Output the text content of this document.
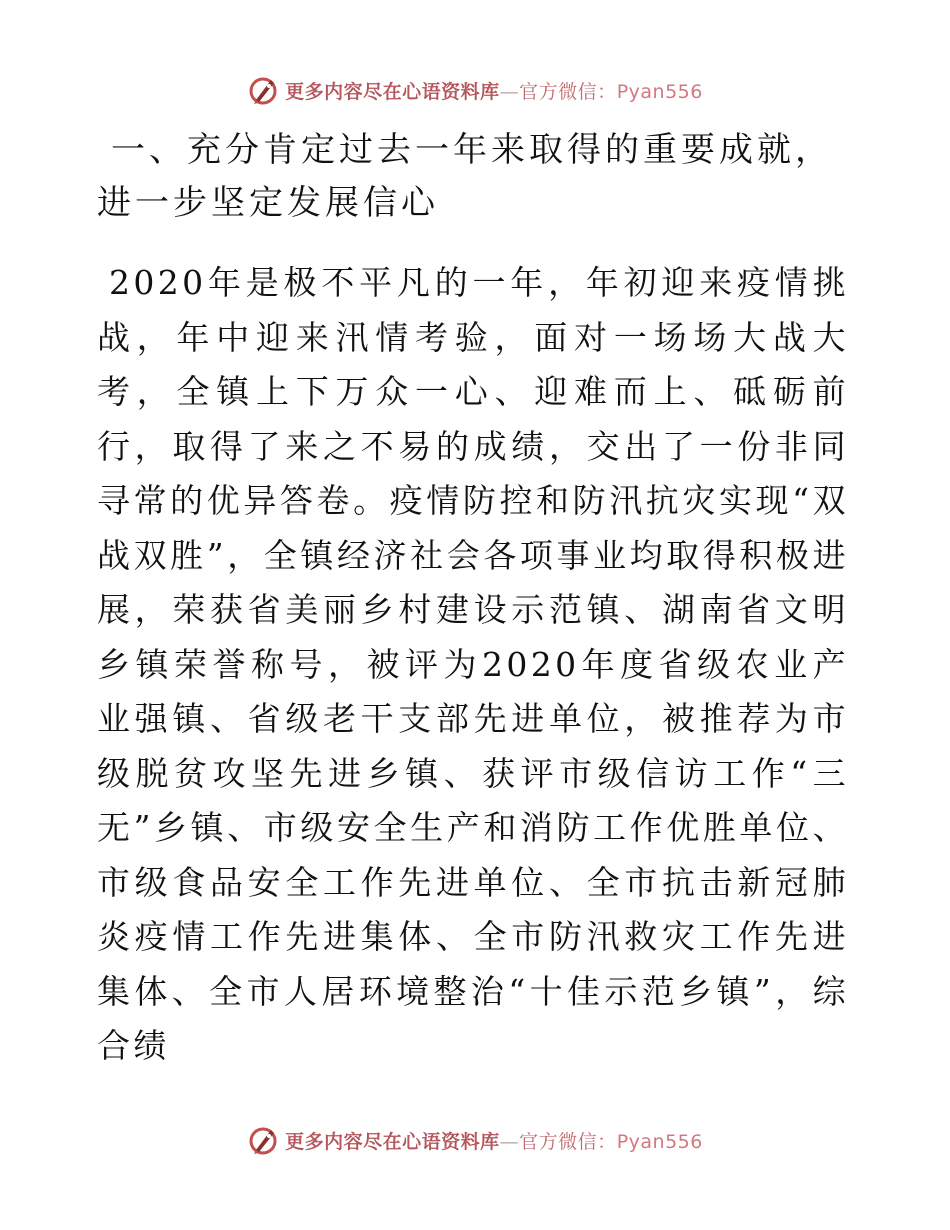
更多内容尽在心语资料库—官方微信：Pyan556
一、充分肯定过去一年来取得的重要成就，进一步坚定发展信心

2020年是极不平凡的一年，年初迎来疫情挑战，年中迎来汛情考验，面对一场场大战大考，全镇上下万众一心、迎难而上、砥砺前行，取得了来之不易的成绩，交出了一份非同寻常的优异答卷。疫情防控和防汛抗灾实现“双战双胜”，全镇经济社会各项事业均取得积极进展，荣获省美丽乡村建设示范镇、湖南省文明乡镇荣誉称号，被评为2020年度省级农业产业强镇、省级老干支部先进单位，被推荐为市级脱贫攻坚先进乡镇、获评市级信访工作“三无”乡镇、市级安全生产和消防工作优胜单位、市级食品安全工作先进单位、全市抗击新冠肺炎疫情工作先进集体、全市防汛救灾工作先进集体、全市人居环境整治“十佳示范乡镇”，综合绩

更多内容尽在心语资料库—官方微信：Pyan556
